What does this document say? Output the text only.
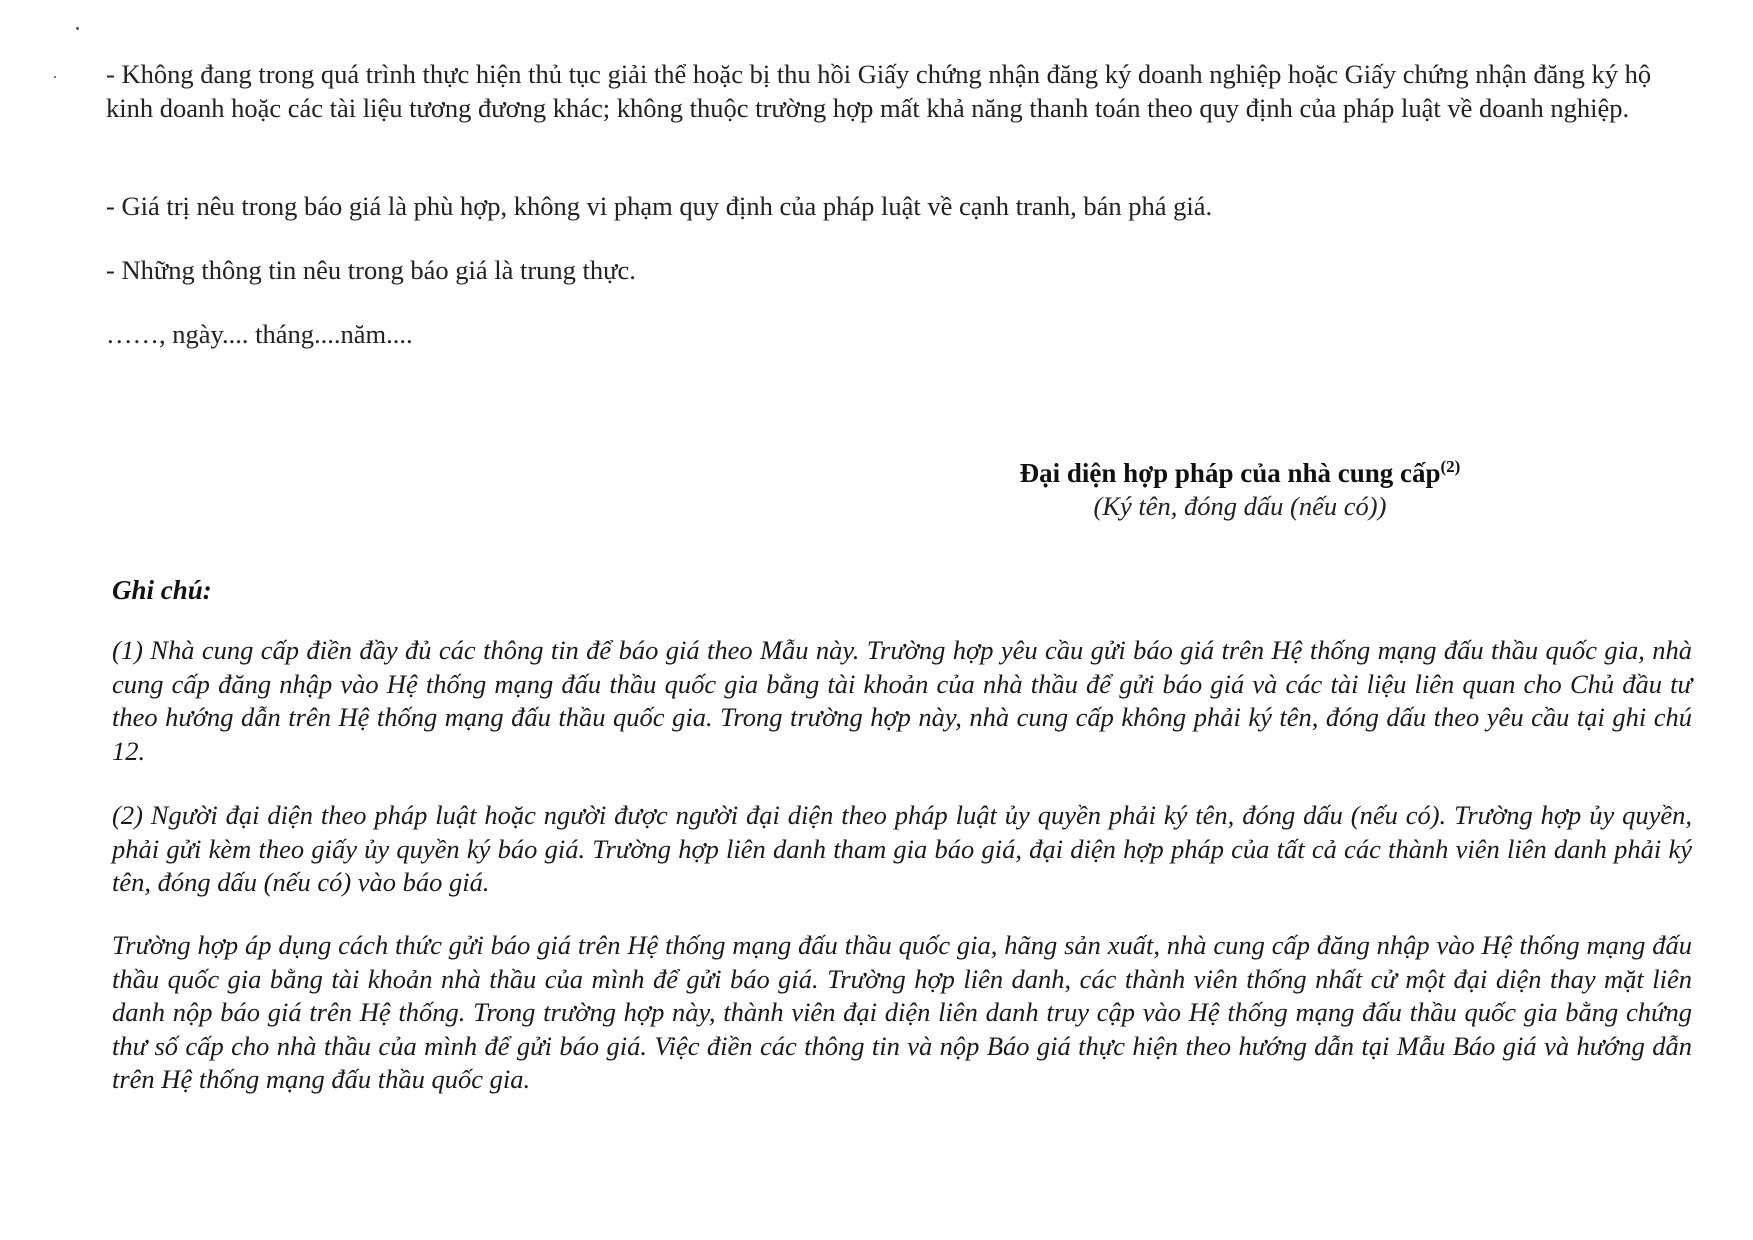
- Không đang trong quá trình thực hiện thủ tục giải thể hoặc bị thu hồi Giấy chứng nhận đăng ký doanh nghiệp hoặc Giấy chứng nhận đăng ký hộ kinh doanh hoặc các tài liệu tương đương khác; không thuộc trường hợp mất khả năng thanh toán theo quy định của pháp luật về doanh nghiệp.

- Giá trị nêu trong báo giá là phù hợp, không vi phạm quy định của pháp luật về cạnh tranh, bán phá giá.

- Những thông tin nêu trong báo giá là trung thực.

……, ngày.... tháng....năm....

Đại diện hợp pháp của nhà cung cấp$^{(2)}$

(Ký tên, đóng dấu (nếu có))

Ghi chú:

(1) Nhà cung cấp điền đầy đủ các thông tin để báo giá theo Mẫu này. Trường hợp yêu cầu gửi báo giá trên Hệ thống mạng đấu thầu quốc gia, nhà cung cấp đăng nhập vào Hệ thống mạng đấu thầu quốc gia bằng tài khoản của nhà thầu để gửi báo giá và các tài liệu liên quan cho Chủ đầu tư theo hướng dẫn trên Hệ thống mạng đấu thầu quốc gia. Trong trường hợp này, nhà cung cấp không phải ký tên, đóng dấu theo yêu cầu tại ghi chú 12.

(2) Người đại diện theo pháp luật hoặc người được người đại diện theo pháp luật ủy quyền phải ký tên, đóng dấu (nếu có). Trường hợp ủy quyền, phải gửi kèm theo giấy ủy quyền ký báo giá. Trường hợp liên danh tham gia báo giá, đại diện hợp pháp của tất cả các thành viên liên danh phải ký tên, đóng dấu (nếu có) vào báo giá.

Trường hợp áp dụng cách thức gửi báo giá trên Hệ thống mạng đấu thầu quốc gia, hãng sản xuất, nhà cung cấp đăng nhập vào Hệ thống mạng đấu thầu quốc gia bằng tài khoản nhà thầu của mình để gửi báo giá. Trường hợp liên danh, các thành viên thống nhất cử một đại diện thay mặt liên danh nộp báo giá trên Hệ thống. Trong trường hợp này, thành viên đại diện liên danh truy cập vào Hệ thống mạng đấu thầu quốc gia bằng chứng thư số cấp cho nhà thầu của mình để gửi báo giá. Việc điền các thông tin và nộp Báo giá thực hiện theo hướng dẫn tại Mẫu Báo giá và hướng dẫn trên Hệ thống mạng đấu thầu quốc gia.
